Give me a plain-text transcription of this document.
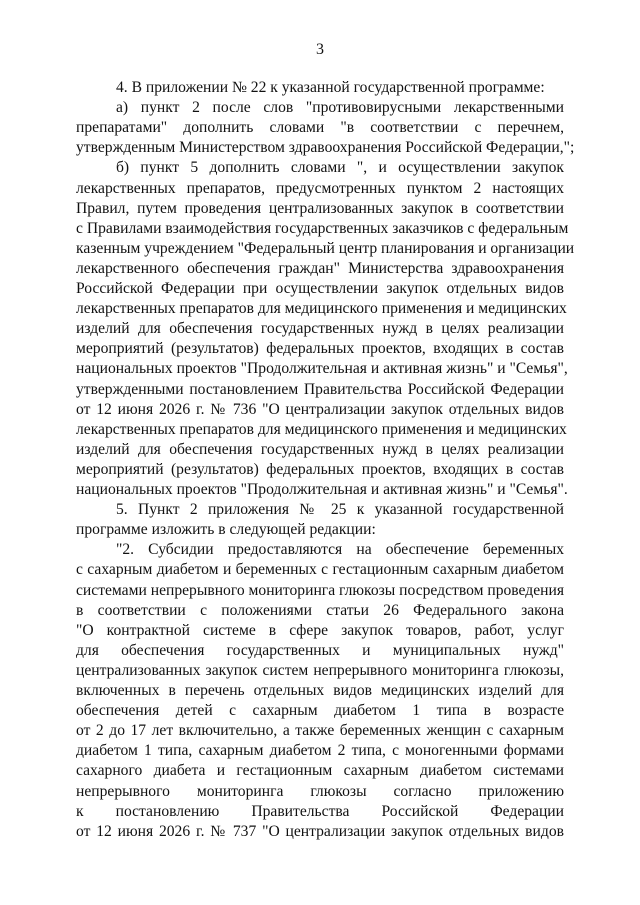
3
4. В приложении № 22 к указанной государственной программе:
а) пункт 2 после слов "противовирусными лекарственными
препаратами" дополнить словами "в соответствии с перечнем,
утвержденным Министерством здравоохранения Российской Федерации,";
б) пункт 5 дополнить словами ", и осуществлении закупок
лекарственных препаратов, предусмотренных пунктом 2 настоящих
Правил, путем проведения централизованных закупок в соответствии
с Правилами взаимодействия государственных заказчиков с федеральным
казенным учреждением "Федеральный центр планирования и организации
лекарственного обеспечения граждан" Министерства здравоохранения
Российской Федерации при осуществлении закупок отдельных видов
лекарственных препаратов для медицинского применения и медицинских
изделий для обеспечения государственных нужд в целях реализации
мероприятий (результатов) федеральных проектов, входящих в состав
национальных проектов "Продолжительная и активная жизнь" и "Семья",
утвержденными постановлением Правительства Российской Федерации
от 12 июня 2026 г. № 736 "О централизации закупок отдельных видов
лекарственных препаратов для медицинского применения и медицинских
изделий для обеспечения государственных нужд в целях реализации
мероприятий (результатов) федеральных проектов, входящих в состав
национальных проектов "Продолжительная и активная жизнь" и "Семья".
5. Пункт 2 приложения № 25 к указанной государственной
программе изложить в следующей редакции:
"2. Субсидии предоставляются на обеспечение беременных
с сахарным диабетом и беременных с гестационным сахарным диабетом
системами непрерывного мониторинга глюкозы посредством проведения
в соответствии с положениями статьи 26 Федерального закона
"О контрактной системе в сфере закупок товаров, работ, услуг
для обеспечения государственных и муниципальных нужд"
централизованных закупок систем непрерывного мониторинга глюкозы,
включенных в перечень отдельных видов медицинских изделий для
обеспечения детей с сахарным диабетом 1 типа в возрасте
от 2 до 17 лет включительно, а также беременных женщин с сахарным
диабетом 1 типа, сахарным диабетом 2 типа, с моногенными формами
сахарного диабета и гестационным сахарным диабетом системами
непрерывного мониторинга глюкозы согласно приложению
к постановлению Правительства Российской Федерации
от 12 июня 2026 г. № 737 "О централизации закупок отдельных видов
